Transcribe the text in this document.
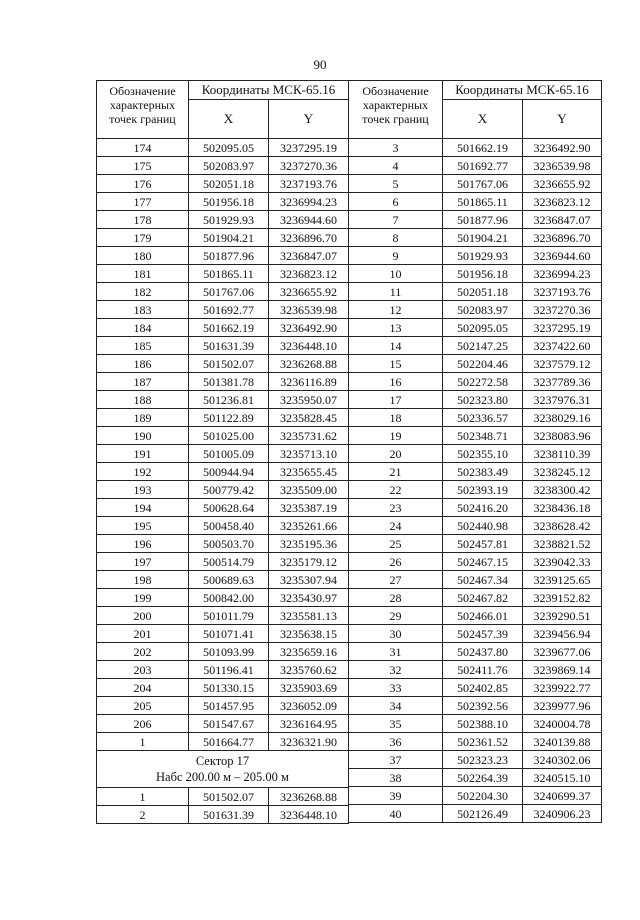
90
Обозначение характерных точек границ	Координаты МСК-65.16	
	X	Y
174	502095.05	3237295.19
175	502083.97	3237270.36
176	502051.18	3237193.76
177	501956.18	3236994.23
178	501929.93	3236944.60
179	501904.21	3236896.70
180	501877.96	3236847.07
181	501865.11	3236823.12
182	501767.06	3236655.92
183	501692.77	3236539.98
184	501662.19	3236492.90
185	501631.39	3236448.10
186	501502.07	3236268.88
187	501381.78	3236116.89
188	501236.81	3235950.07
189	501122.89	3235828.45
190	501025.00	3235731.62
191	501005.09	3235713.10
192	500944.94	3235655.45
193	500779.42	3235509.00
194	500628.64	3235387.19
195	500458.40	3235261.66
196	500503.70	3235195.36
197	500514.79	3235179.12
198	500689.63	3235307.94
199	500842.00	3235430.97
200	501011.79	3235581.13
201	501071.41	3235638.15
202	501093.99	3235659.16
203	501196.41	3235760.62
204	501330.15	3235903.69
205	501457.95	3236052.09
206	501547.67	3236164.95
1	501664.77	3236321.90

Сектор 17
Набс 200.00 м – 205.00 м		

1	501502.07	3236268.88
2	501631.39	3236448.10
Обозначение характерных точек границ	Координаты МСК-65.16	
	X	Y
3	501662.19	3236492.90
4	501692.77	3236539.98
5	501767.06	3236655.92
6	501865.11	3236823.12
7	501877.96	3236847.07
8	501904.21	3236896.70
9	501929.93	3236944.60
10	501956.18	3236994.23
11	502051.18	3237193.76
12	502083.97	3237270.36
13	502095.05	3237295.19
14	502147.25	3237422.60
15	502204.46	3237579.12
16	502272.58	3237789.36
17	502323.80	3237976.31
18	502336.57	3238029.16
19	502348.71	3238083.96
20	502355.10	3238110.39
21	502383.49	3238245.12
22	502393.19	3238300.42
23	502416.20	3238436.18
24	502440.98	3238628.42
25	502457.81	3238821.52
26	502467.15	3239042.33
27	502467.34	3239125.65
28	502467.82	3239152.82
29	502466.01	3239290.51
30	502457.39	3239456.94
31	502437.80	3239677.06
32	502411.76	3239869.14
33	502402.85	3239922.77
34	502392.56	3239977.96
35	502388.10	3240004.78
36	502361.52	3240139.88
37	502323.23	3240302.06
38	502264.39	3240515.10
39	502204.30	3240699.37
40	502126.49	3240906.23
